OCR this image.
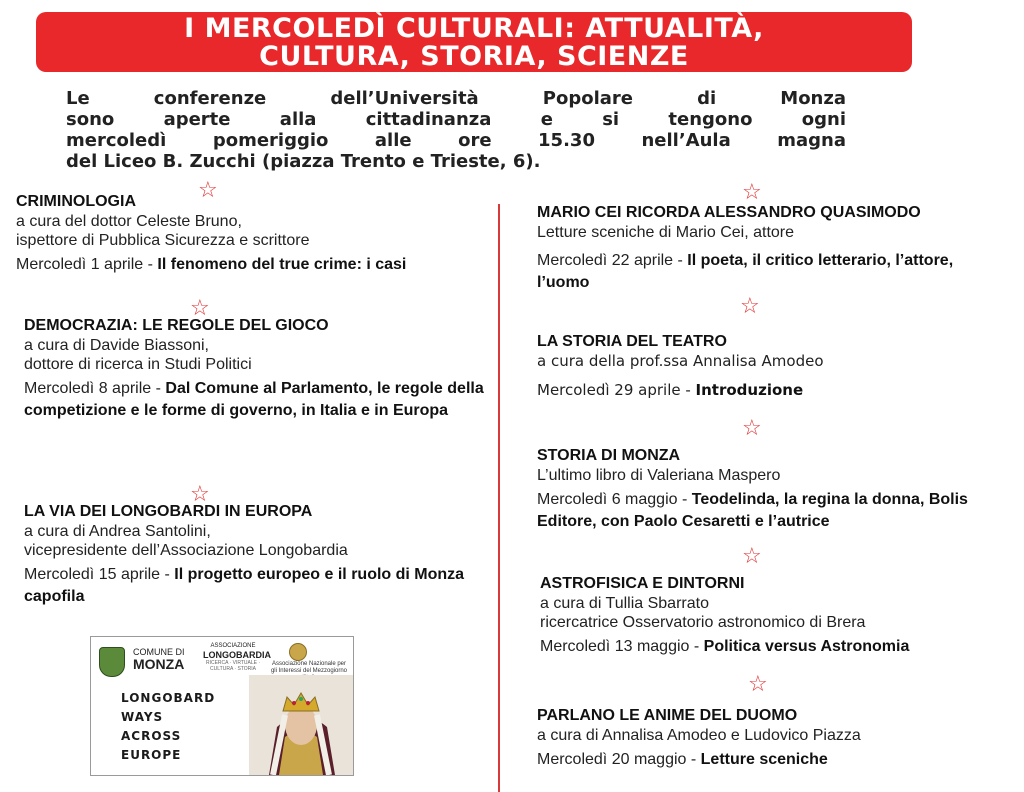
I MERCOLEDÌ CULTURALI: ATTUALITÀ,
CULTURA, STORIA, SCIENZE
Le conferenze dell’Università Popolare di Monza
sono aperte alla cittadinanza e si tengono ogni
mercoledì pomeriggio alle ore 15.30 nell’Aula magna
del Liceo B. Zucchi (piazza Trento e Trieste, 6).
☆
☆
☆
☆
☆
☆
☆
☆
CRIMINOLOGIA
a cura del dottor Celeste Bruno,
ispettore di Pubblica Sicurezza e scrittore
Mercoledì 1 aprile - Il fenomeno del true crime: i casi
DEMOCRAZIA: LE REGOLE DEL GIOCO
a cura di Davide Biassoni,
dottore di ricerca in Studi Politici
Mercoledì 8 aprile - Dal Comune al Parlamento, le regole della competizione e le forme di governo, in Italia e in Europa
LA VIA DEI LONGOBARDI IN EUROPA
a cura di Andrea Santolini,
vicepresidente dell’Associazione Longobardia
Mercoledì 15 aprile - Il progetto europeo e il ruolo di Monza capofila
MARIO CEI RICORDA ALESSANDRO QUASIMODO
Letture sceniche di Mario Cei, attore
Mercoledì 22 aprile - Il poeta, il critico letterario, l’attore, l’uomo
LA STORIA DEL TEATRO
a cura della prof.ssa Annalisa Amodeo
Mercoledì 29 aprile - Introduzione
STORIA DI MONZA
L’ultimo libro di Valeriana Maspero
Mercoledì 6 maggio - Teodelinda, la regina la donna, Bolis Editore, con Paolo Cesaretti e l’autrice
ASTROFISICA E DINTORNI
a cura di Tullia Sbarrato
ricercatrice Osservatorio astronomico di Brera
Mercoledì 13 maggio - Politica versus Astronomia
PARLANO LE ANIME DEL DUOMO
a cura di Annalisa Amodeo e Ludovico Piazza
Mercoledì 20 maggio - Letture sceniche
COMUNE DI
MONZA
ASSOCIAZIONE
LONGOBARDIA
RICERCA · VIRTUALE · CULTURA · STORIA
Associazione Nazionale per gli Interessi del Mezzogiorno
LONGOBARD
WAYS
ACROSS
EUROPE
